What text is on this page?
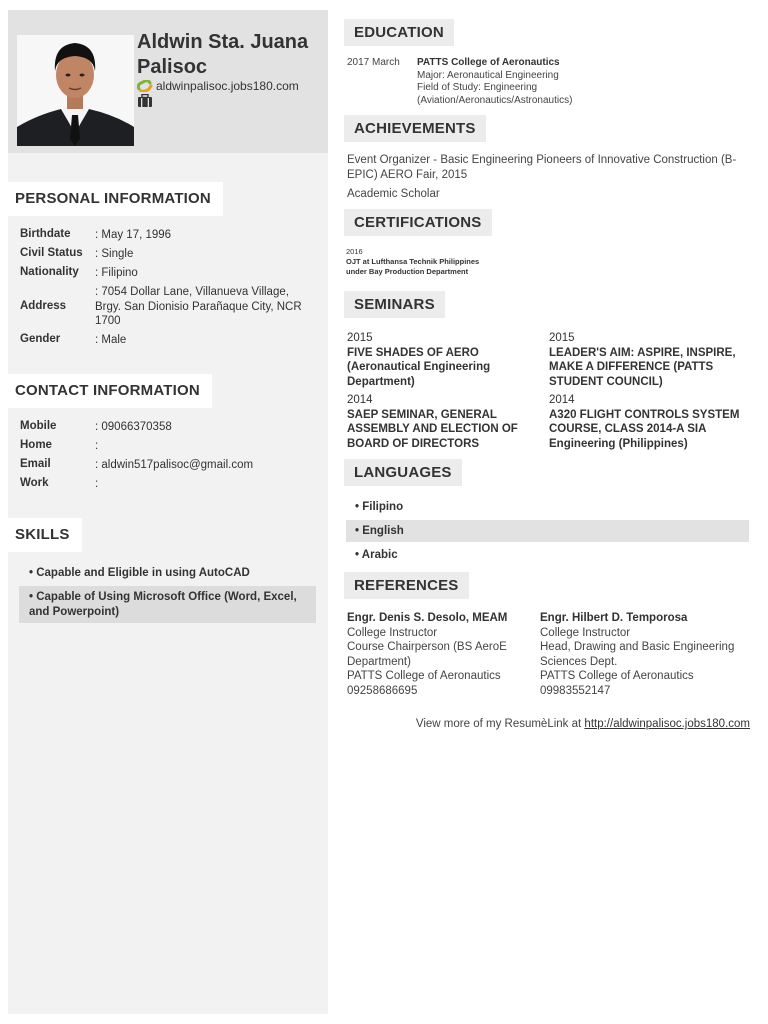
Aldwin Sta. Juana Palisoc
aldwinpalisoc.jobs180.com
PERSONAL INFORMATION
Birthdate	: May 17, 1996
Civil Status	: Single
Nationality	: Filipino
Address
: 7054 Dollar Lane, Villanueva Village, Brgy. San Dionisio Parañaque City, NCR 1700
Gender	: Male
CONTACT INFORMATION
Mobile	: 09066370358
Home	:
Email	: aldwin517palisoc@gmail.com
Work	:
SKILLS
• Capable and Eligible in using AutoCAD
• Capable of Using Microsoft Office (Word, Excel, and Powerpoint)
EDUCATION
2017 March PATTS College of Aeronautics
Major: Aeronautical Engineering
Field of Study: Engineering (Aviation/Aeronautics/Astronautics)
ACHIEVEMENTS
Event Organizer - Basic Engineering Pioneers of Innovative Construction (B-EPIC) AERO Fair, 2015
Academic Scholar
CERTIFICATIONS
2016
OJT at Lufthansa Technik Philippines under Bay Production Department
SEMINARS
2015
FIVE SHADES OF AERO (Aeronautical Engineering Department)
2015
LEADER'S AIM: ASPIRE, INSPIRE, MAKE A DIFFERENCE (PATTS STUDENT COUNCIL)
2014
SAEP SEMINAR, GENERAL ASSEMBLY AND ELECTION OF BOARD OF DIRECTORS
2014
A320 FLIGHT CONTROLS SYSTEM COURSE, CLASS 2014-A SIA Engineering (Philippines)
LANGUAGES
• Filipino
• English
• Arabic
REFERENCES
Engr. Denis S. Desolo, MEAM
College Instructor
Course Chairperson (BS AeroE Department)
PATTS College of Aeronautics
09258686695
Engr. Hilbert D. Temporosa
College Instructor
Head, Drawing and Basic Engineering Sciences Dept.
PATTS College of Aeronautics
09983552147
View more of my ResumèLink at http://aldwinpalisoc.jobs180.com
